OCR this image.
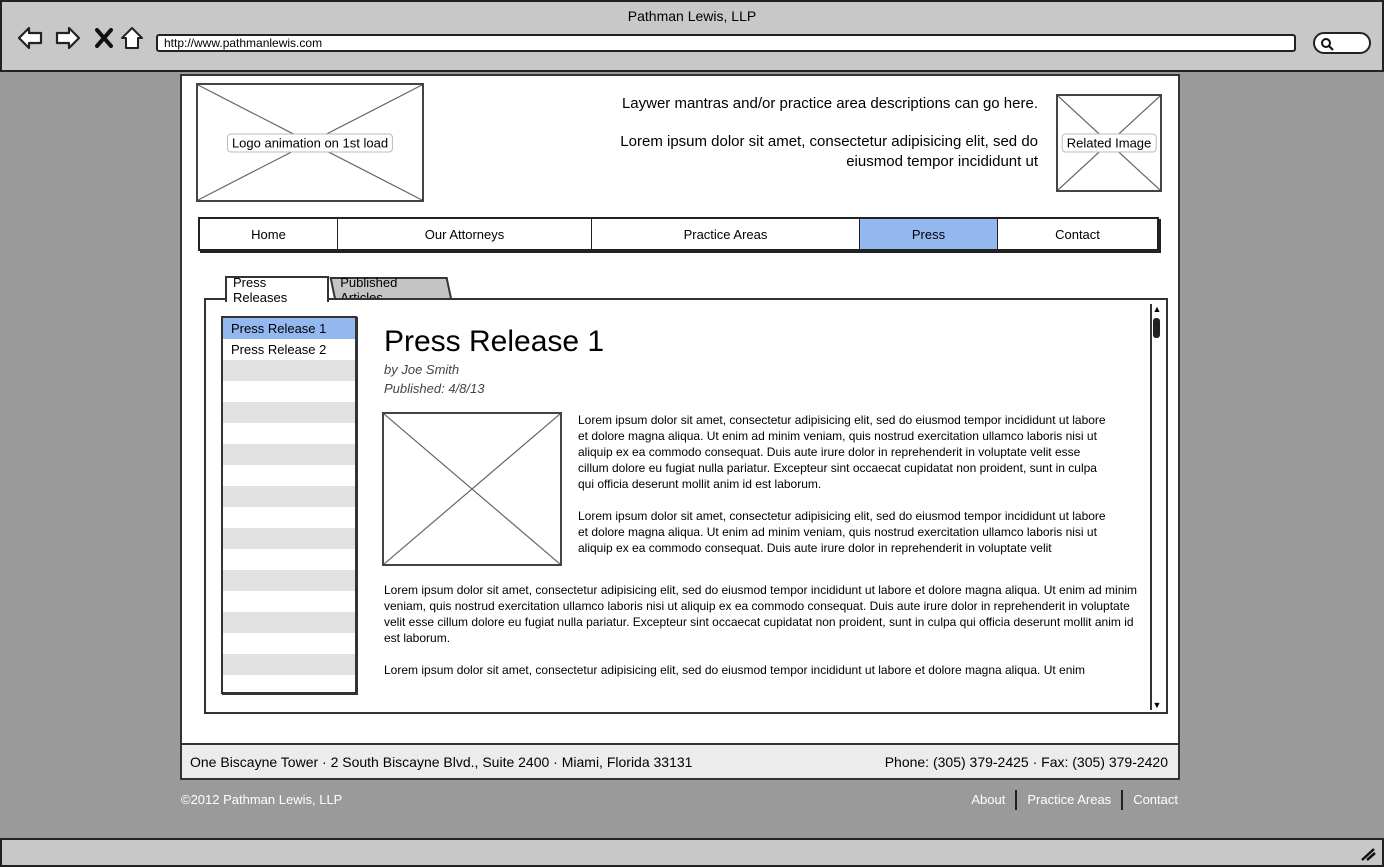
Pathman Lewis, LLP
http://www.pathmanlewis.com
Logo animation on 1st load

Laywer mantras and/or practice area descriptions can go here.

Lorem ipsum dolor sit amet, consectetur adipisicing elit, sed do eiusmod tempor incididunt ut

Related Image
Home	Our Attorneys	Practice Areas	Press	Contact
Press Releases
Published
Press Release 1
Press Release 2	Press Release 1
by Joe Smith
Published: 4/8/13

Lorem ipsum dolor sit amet, consectetur adipisicing elit, sed do eiusmod tempor incididunt ut labore et dolore magna aliqua. Ut enim ad minim veniam, quis nostrud exercitation ullamco laboris nisi ut aliquip ex ea commodo consequat. Duis aute irure dolor in reprehenderit in voluptate velit esse cillum dolore eu fugiat nulla pariatur. Excepteur sint occaecat cupidatat non proident, sunt in culpa qui officia deserunt mollit anim id est laborum.

Lorem ipsum dolor sit amet, consectetur adipisicing elit, sed do eiusmod tempor incididunt ut labore et dolore magna aliqua. Ut enim ad minim veniam, quis nostrud exercitation ullamco laboris nisi ut aliquip ex ea commodo consequat. Duis aute irure dolor in reprehenderit in voluptate velit

Lorem ipsum dolor sit amet, consectetur adipisicing elit, sed do eiusmod tempor incididunt ut labore et dolore magna aliqua. Ut enim ad minim veniam, quis nostrud exercitation ullamco laboris nisi ut aliquip ex ea commodo consequat. Duis aute irure dolor in reprehenderit in voluptate velit esse cillum dolore eu fugiat nulla pariatur. Excepteur sint occaecat cupidatat non proident, sunt in culpa qui officia deserunt mollit anim id est laborum.

Lorem ipsum dolor sit amet, consectetur adipisicing elit, sed do eiusmod tempor incididunt ut labore et dolore magna aliqua. Ut enim

▲
▼
One Biscayne Tower · 2 South Biscayne Blvd., Suite 2400 · Miami, Florida 33131	Phone: (305) 379-2425 · Fax: (305) 379-2420
©2012 Pathman Lewis, LLP	About	Practice Areas	Contact
